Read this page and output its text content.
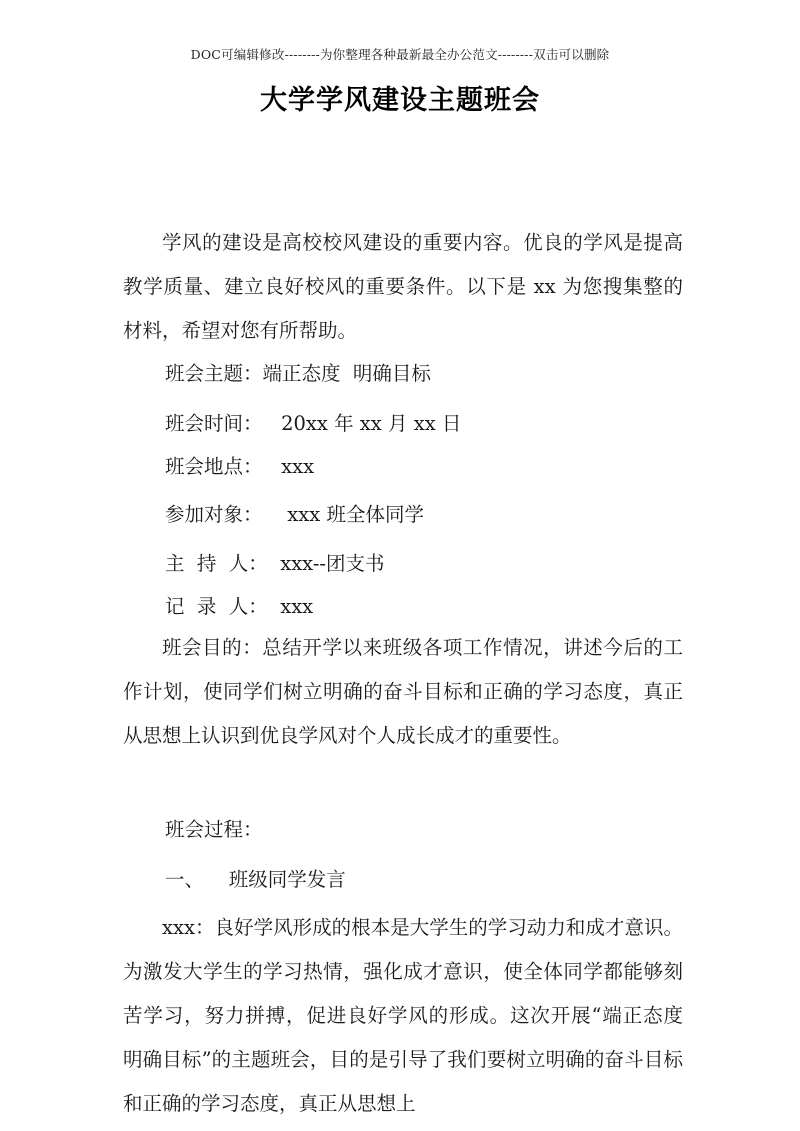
DOC可编辑修改--------为你整理各种最新最全办公范文--------双击可以删除
大学学风建设主题班会

学风的建设是高校校风建设的重要内容。优良的学风是提高教学质量、建立良好校风的重要条件。以下是 xx 为您搜集整的材料，希望对您有所帮助。

班会主题：端正态度  明确目标
班会时间：   20xx 年 xx 月 xx 日
班会地点：   xxx
参加对象：    xxx 班全体同学
主  持  人：  xxx--团支书
记  录  人：  xxx

班会目的：总结开学以来班级各项工作情况，讲述今后的工作计划，使同学们树立明确的奋斗目标和正确的学习态度，真正从思想上认识到优良学风对个人成长成才的重要性。

班会过程：
一、    班级同学发言

xxx：良好学风形成的根本是大学生的学习动力和成才意识。为激发大学生的学习热情，强化成才意识，使全体同学都能够刻苦学习，努力拼搏，促进良好学风的形成。这次开展“端正态度 明确目标”的主题班会，目的是引导了我们要树立明确的奋斗目标和正确的学习态度，真正从思想上
